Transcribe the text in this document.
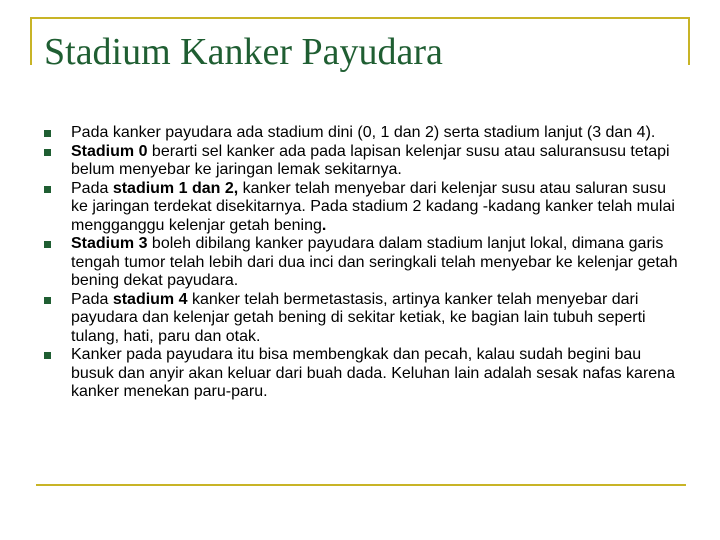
Stadium Kanker Payudara
Pada kanker payudara ada stadium dini (0, 1 dan 2) serta stadium lanjut (3 dan 4).
Stadium 0 berarti sel kanker ada pada lapisan kelenjar susu atau saluransusu tetapi belum menyebar ke jaringan lemak sekitarnya.
Pada stadium 1 dan 2, kanker telah menyebar dari kelenjar susu atau saluran susu ke jaringan terdekat disekitarnya. Pada stadium 2 kadang -kadang kanker telah mulai mengganggu kelenjar getah bening.
Stadium 3 boleh dibilang kanker payudara dalam stadium lanjut lokal, dimana garis tengah tumor telah lebih dari dua inci dan seringkali telah menyebar ke kelenjar getah bening dekat payudara.
Pada stadium 4 kanker telah bermetastasis, artinya kanker telah menyebar dari payudara dan kelenjar getah bening di sekitar ketiak, ke bagian lain tubuh seperti tulang, hati, paru dan otak.
Kanker pada payudara itu bisa membengkak dan pecah, kalau sudah begini bau busuk dan anyir akan keluar dari buah dada. Keluhan lain adalah sesak nafas karena kanker menekan paru-paru.
